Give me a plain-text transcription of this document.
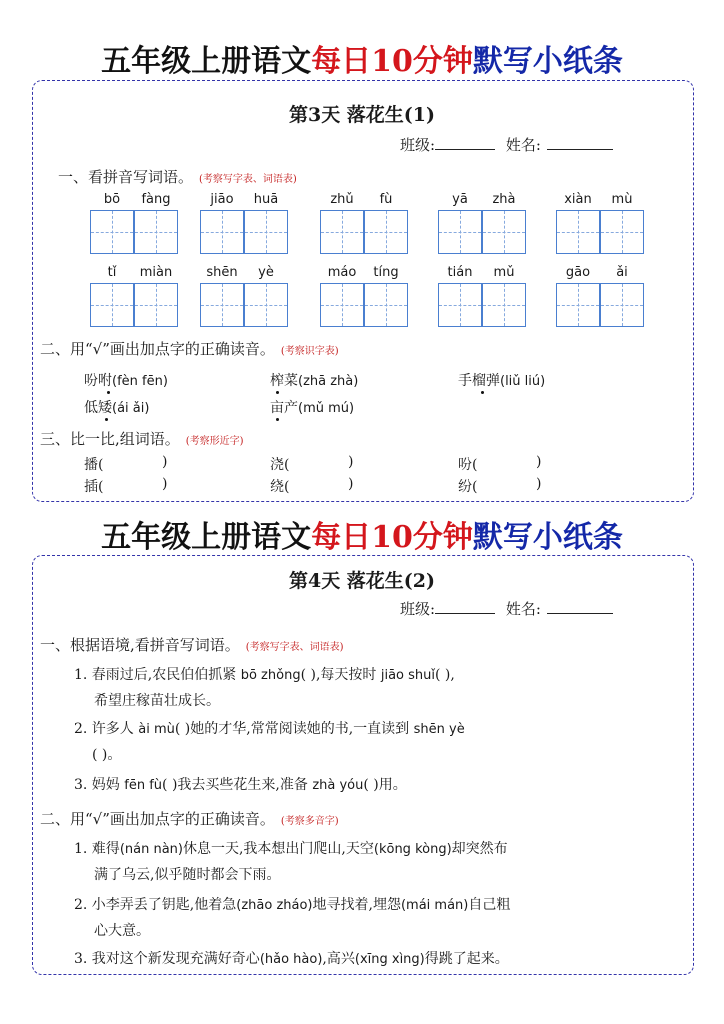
五年级上册语文每日10分钟默写小纸条
第3天 落花生(1)
班级:	姓名:
一、看拼音写词语。 (考察写字表、词语表)
bō	fàng	jiāo	huā	zhǔ	fù	yā	zhà	xiàn	mù
tǐ	miàn	shēn	yè	máo	tíng	tián	mǔ	gāo	ǎi
二、用“√”画出加点字的正确读音。 (考察识字表)
吩咐(fèn fēn)	榨菜(zhā zhà)	手榴弹(liǔ liú)
低矮(ái ǎi)	亩产(mǔ mú)
三、比一比,组词语。 (考察形近字)
播(	)	浇(	)	吩(	)
插(	)	绕(	)	纷(	)
五年级上册语文每日10分钟默写小纸条
第4天 落花生(2)
班级:	姓名:
一、根据语境,看拼音写词语。 (考察写字表、词语表)
1. 春雨过后,农民伯伯抓紧 bō zhǒng( ),每天按时 jiāo shuǐ( ),
希望庄稼苗壮成长。
2. 许多人 ài mù( )她的才华,常常阅读她的书,一直读到 shēn yè
( )。
3. 妈妈 fēn fù( )我去买些花生来,准备 zhà yóu( )用。
二、用“√”画出加点字的正确读音。 (考察多音字)
1. 难得(nán nàn)休息一天,我本想出门爬山,天空(kōng kòng)却突然布
满了乌云,似乎随时都会下雨。
2. 小李弄丢了钥匙,他着急(zhāo zháo)地寻找着,埋怨(mái mán)自己粗
心大意。
3. 我对这个新发现充满好奇心(hǎo hào),高兴(xīng xìng)得跳了起来。
